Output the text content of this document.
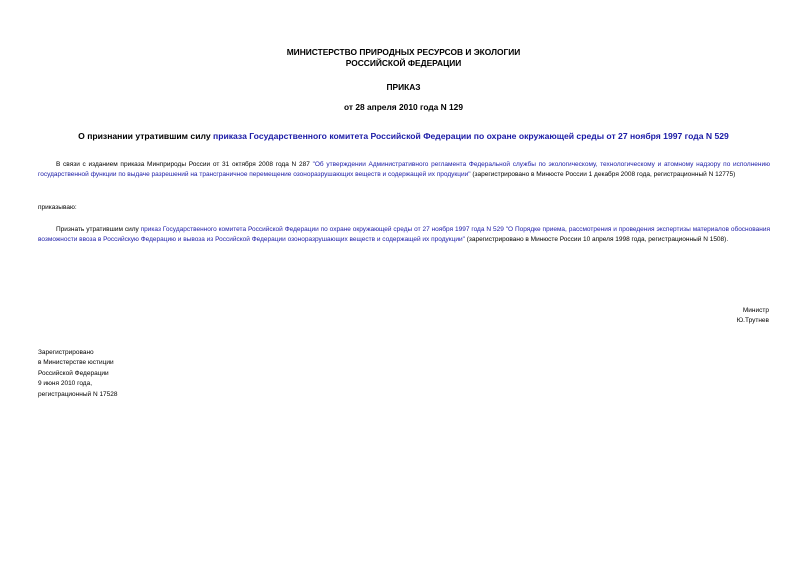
МИНИСТЕРСТВО ПРИРОДНЫХ РЕСУРСОВ И ЭКОЛОГИИ
РОССИЙСКОЙ ФЕДЕРАЦИИ
ПРИКАЗ
от 28 апреля 2010 года N 129
О признании утратившим силу приказа Государственного комитета Российской Федерации по охране окружающей среды от 27 ноября 1997 года N 529

В связи с изданием приказа Минприроды России от 31 октября 2008 года N 287 "Об утверждении Административного регламента Федеральной службы по экологическому, технологическому и атомному надзору по исполнению государственной функции по выдаче разрешений на трансграничное перемещение озоноразрушающих веществ и содержащей их продукции" (зарегистрировано в Минюсте России 1 декабря 2008 года, регистрационный N 12775)

приказываю:

Признать утратившим силу приказ Государственного комитета Российской Федерации по охране окружающей среды от 27 ноября 1997 года N 529 "О Порядке приема, рассмотрения и проведения экспертизы материалов обоснования возможности ввоза в Российскую Федерацию и вывоза из Российской Федерации озоноразрушающих веществ и содержащей их продукции" (зарегистрировано в Минюсте России 10 апреля 1998 года, регистрационный N 1508).

Министр
Ю.Трутнев
Зарегистрировано
в Министерстве юстиции
Российской Федерации
9 июня 2010 года,
регистрационный N 17528
